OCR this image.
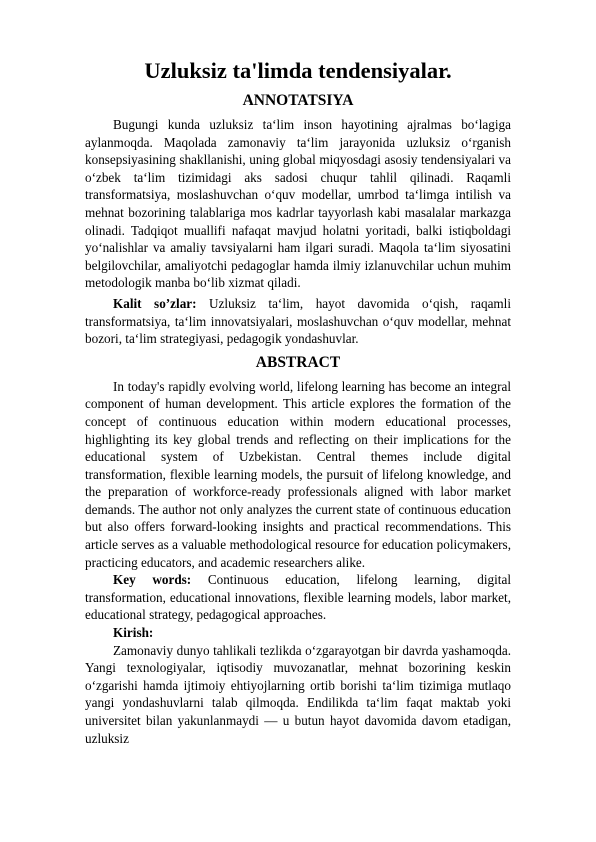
Uzluksiz ta'limda tendensiyalar.
ANNOTATSIYA

Bugungi kunda uzluksiz ta‘lim inson hayotining ajralmas bo‘lagiga aylanmoqda. Maqolada zamonaviy ta‘lim jarayonida uzluksiz o‘rganish konsepsiyasining shakllanishi, uning global miqyosdagi asosiy tendensiyalari va o‘zbek ta‘lim tizimidagi aks sadosi chuqur tahlil qilinadi. Raqamli transformatsiya, moslashuvchan o‘quv modellar, umrbod ta‘limga intilish va mehnat bozorining talablariga mos kadrlar tayyorlash kabi masalalar markazga olinadi. Tadqiqot muallifi nafaqat mavjud holatni yoritadi, balki istiqboldagi yo‘nalishlar va amaliy tavsiyalarni ham ilgari suradi. Maqola ta‘lim siyosatini belgilovchilar, amaliyotchi pedagoglar hamda ilmiy izlanuvchilar uchun muhim metodologik manba bo‘lib xizmat qiladi.

Kalit so’zlar: Uzluksiz ta‘lim, hayot davomida o‘qish, raqamli transformatsiya, ta‘lim innovatsiyalari, moslashuvchan o‘quv modellar, mehnat bozori, ta‘lim strategiyasi, pedagogik yondashuvlar.

ABSTRACT

In today's rapidly evolving world, lifelong learning has become an integral component of human development. This article explores the formation of the concept of continuous education within modern educational processes, highlighting its key global trends and reflecting on their implications for the educational system of Uzbekistan. Central themes include digital transformation, flexible learning models, the pursuit of lifelong knowledge, and the preparation of workforce-ready professionals aligned with labor market demands. The author not only analyzes the current state of continuous education but also offers forward-looking insights and practical recommendations. This article serves as a valuable methodological resource for education policymakers, practicing educators, and academic researchers alike.

Key words: Continuous education, lifelong learning, digital transformation, educational innovations, flexible learning models, labor market, educational strategy, pedagogical approaches.

Kirish:

Zamonaviy dunyo tahlikali tezlikda o‘zgarayotgan bir davrda yashamoqda. Yangi texnologiyalar, iqtisodiy muvozanatlar, mehnat bozorining keskin o‘zgarishi hamda ijtimoiy ehtiyojlarning ortib borishi ta‘lim tizimiga mutlaqo yangi yondashuvlarni talab qilmoqda. Endilikda ta‘lim faqat maktab yoki universitet bilan yakunlanmaydi — u butun hayot davomida davom etadigan, uzluksiz
